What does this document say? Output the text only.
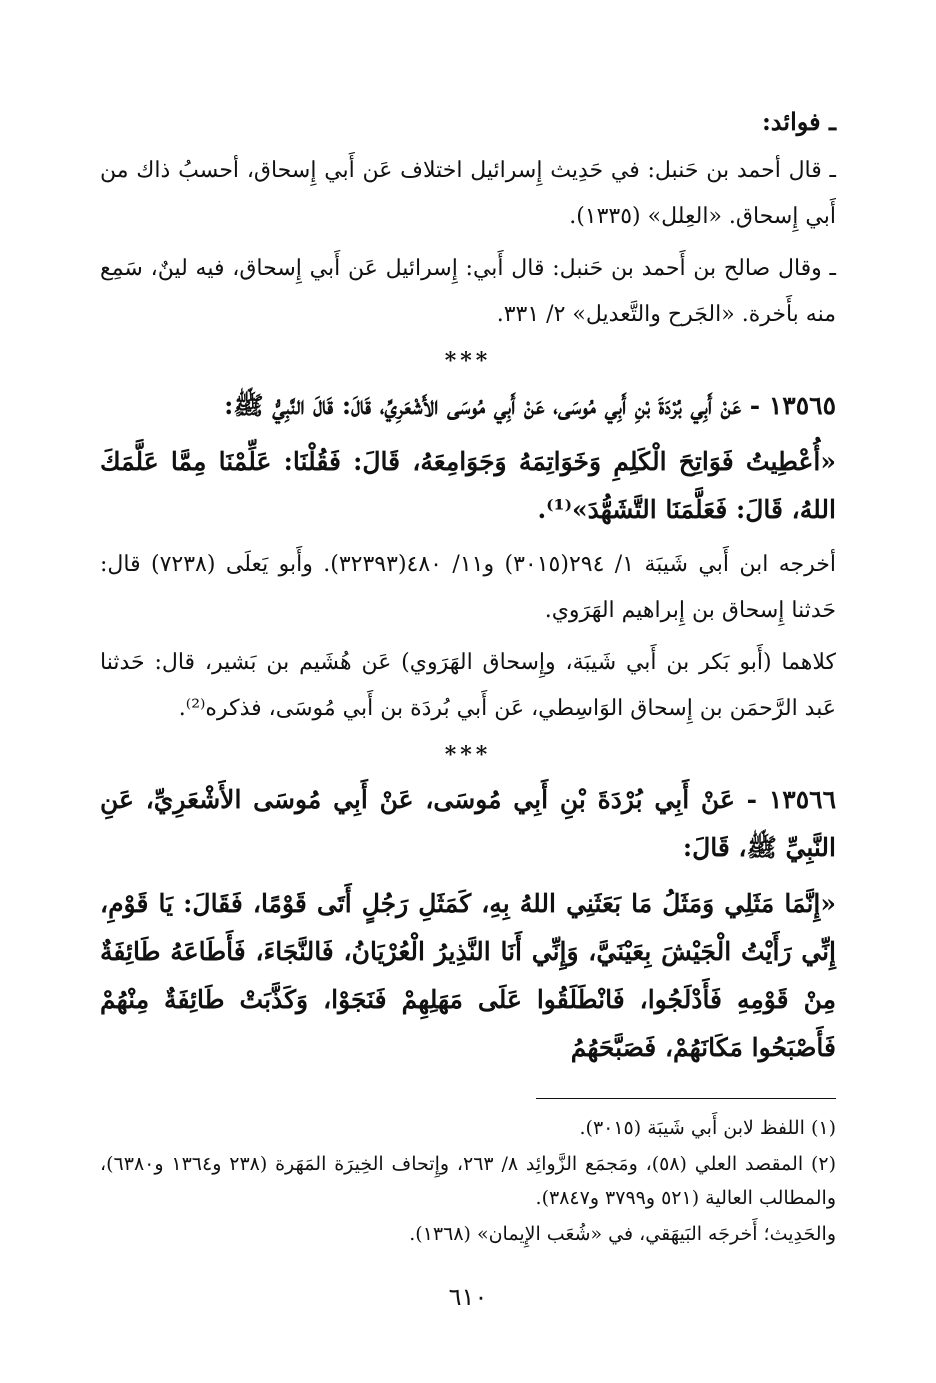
ـ فوائد:

ـ قال أحمد بن حَنبل: في حَدِيث إِسرائيل اختلاف عَن أَبي إِسحاق، أحسبُ ذاك من أَبي إِسحاق. «العِلل» (١٣٣٥).

ـ وقال صالح بن أَحمد بن حَنبل: قال أَبي: إِسرائيل عَن أَبي إِسحاق، فيه لينٌ، سَمِع منه بأَخرة. «الجَرح والتَّعديل» ٢/ ٣٣١.

***

١٣٥٦٥ - عَنْ أَبِي بُرْدَةَ بْنِ أَبِي مُوسَى، عَنْ أَبِي مُوسَى الأَشْعَرِيِّ، قَالَ: قَالَ النَّبِيُّ ﷺ:

«أُعْطِيتُ فَوَاتِحَ الْكَلِمِ وَخَوَاتِمَهُ وَجَوَامِعَهُ، قَالَ: فَقُلْنَا: عَلِّمْنَا مِمَّا عَلَّمَكَ اللهُ، قَالَ: فَعَلَّمَنَا التَّشَهُّدَ»⁽¹⁾.

أخرجه ابن أَبي شَيبَة ١/ ٢٩٤(٣٠١٥) و١١/ ٤٨٠(٣٢٣٩٣). وأَبو يَعلَى (٧٢٣٨) قال: حَدثنا إِسحاق بن إِبراهيم الهَرَوي.

كلاهما (أَبو بَكر بن أَبي شَيبَة، وإِسحاق الهَرَوي) عَن هُشَيم بن بَشير، قال: حَدثنا عَبد الرَّحمَن بن إِسحاق الوَاسِطي، عَن أَبي بُردَة بن أَبي مُوسَى، فذكره⁽²⁾.

***

١٣٥٦٦ - عَنْ أَبِي بُرْدَةَ بْنِ أَبِي مُوسَى، عَنْ أَبِي مُوسَى الأَشْعَرِيِّ، عَنِ النَّبِيِّ ﷺ، قَالَ:

«إِنَّمَا مَثَلِي وَمَثَلُ مَا بَعَثَنِي اللهُ بِهِ، كَمَثَلِ رَجُلٍ أَتَى قَوْمًا، فَقَالَ: يَا قَوْمِ، إِنِّي رَأَيْتُ الْجَيْشَ بِعَيْنَيَّ، وَإِنِّي أَنَا النَّذِيرُ الْعُرْيَانُ، فَالنَّجَاءَ، فَأَطَاعَهُ طَائِفَةٌ مِنْ قَوْمِهِ فَأَدْلَجُوا، فَانْطَلَقُوا عَلَى مَهَلِهِمْ فَنَجَوْا، وَكَذَّبَتْ طَائِفَةٌ مِنْهُمْ فَأَصْبَحُوا مَكَانَهُمْ، فَصَبَّحَهُمُ

(١) اللفظ لابن أَبي شَيبَة (٣٠١٥).

(٢) المقصد العلي (٥٨)، ومَجمَع الزَّوائِد ٨/ ٢٦٣، وإِتحاف الخِيرَة المَهَرة (٢٣٨ و١٣٦٤ و٦٣٨٠)، والمطالب العالية (٥٢١ و٣٧٩٩ و٣٨٤٧).

والحَدِيث؛ أَخرجَه البَيهَقي، في «شُعَب الإِيمان» (١٣٦٨).

٦١٠
